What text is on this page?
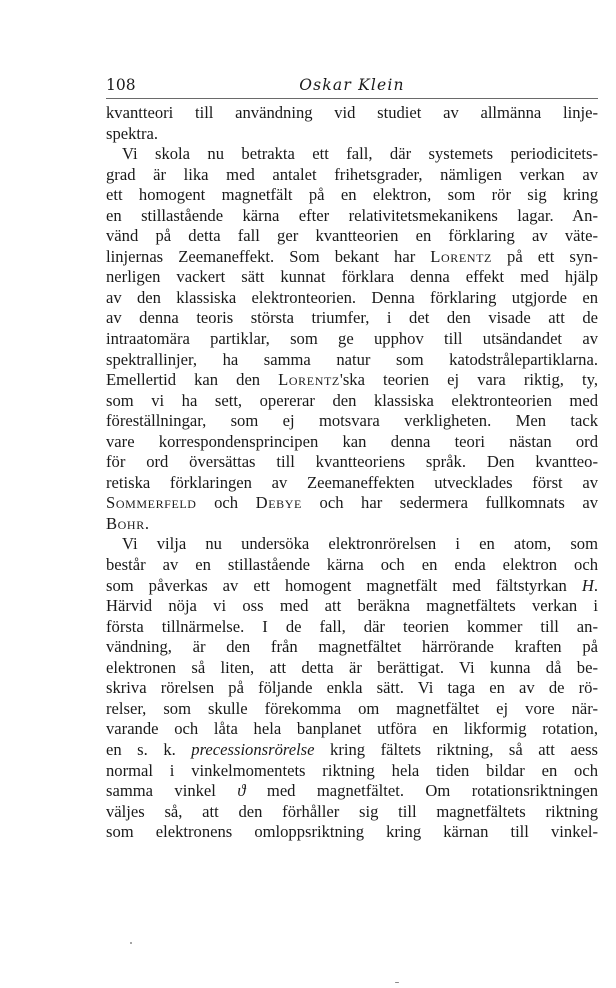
108	Oskar Klein
kvantteori till användning vid studiet av allmänna linje-
spektra.
Vi skola nu betrakta ett fall, där systemets periodicitets-
grad är lika med antalet frihetsgrader, nämligen verkan av
ett homogent magnetfält på en elektron, som rör sig kring
en stillastående kärna efter relativitetsmekanikens lagar. An-
vänd på detta fall ger kvantteorien en förklaring av väte-
linjernas Zeemaneffekt. Som bekant har Lorentz på ett syn-
nerligen vackert sätt kunnat förklara denna effekt med hjälp
av den klassiska elektronteorien. Denna förklaring utgjorde en
av denna teoris största triumfer, i det den visade att de
intraatomära partiklar, som ge upphov till utsändandet av
spektrallinjer, ha samma natur som katodstrålepartiklarna.
Emellertid kan den Lorentz'ska teorien ej vara riktig, ty,
som vi ha sett, opererar den klassiska elektronteorien med
föreställningar, som ej motsvara verkligheten. Men tack
vare korrespondensprincipen kan denna teori nästan ord
för ord översättas till kvantteoriens språk. Den kvantteo-
retiska förklaringen av Zeemaneffekten utvecklades först av
Sommerfeld och Debye och har sedermera fullkomnats av
Bohr.
Vi vilja nu undersöka elektronrörelsen i en atom, som
består av en stillastående kärna och en enda elektron och
som påverkas av ett homogent magnetfält med fältstyrkan H.
Härvid nöja vi oss med att beräkna magnetfältets verkan i
första tillnärmelse. I de fall, där teorien kommer till an-
vändning, är den från magnetfältet härrörande kraften på
elektronen så liten, att detta är berättigat. Vi kunna då be-
skriva rörelsen på följande enkla sätt. Vi taga en av de rö-
relser, som skulle förekomma om magnetfältet ej vore när-
varande och låta hela banplanet utföra en likformig rotation,
en s. k. precessionsrörelse kring fältets riktning, så att aess
normal i vinkelmomentets riktning hela tiden bildar en och
samma vinkel ϑ med magnetfältet. Om rotationsriktningen
väljes så, att den förhåller sig till magnetfältets riktning
som elektronens omloppsriktning kring kärnan till vinkel-
